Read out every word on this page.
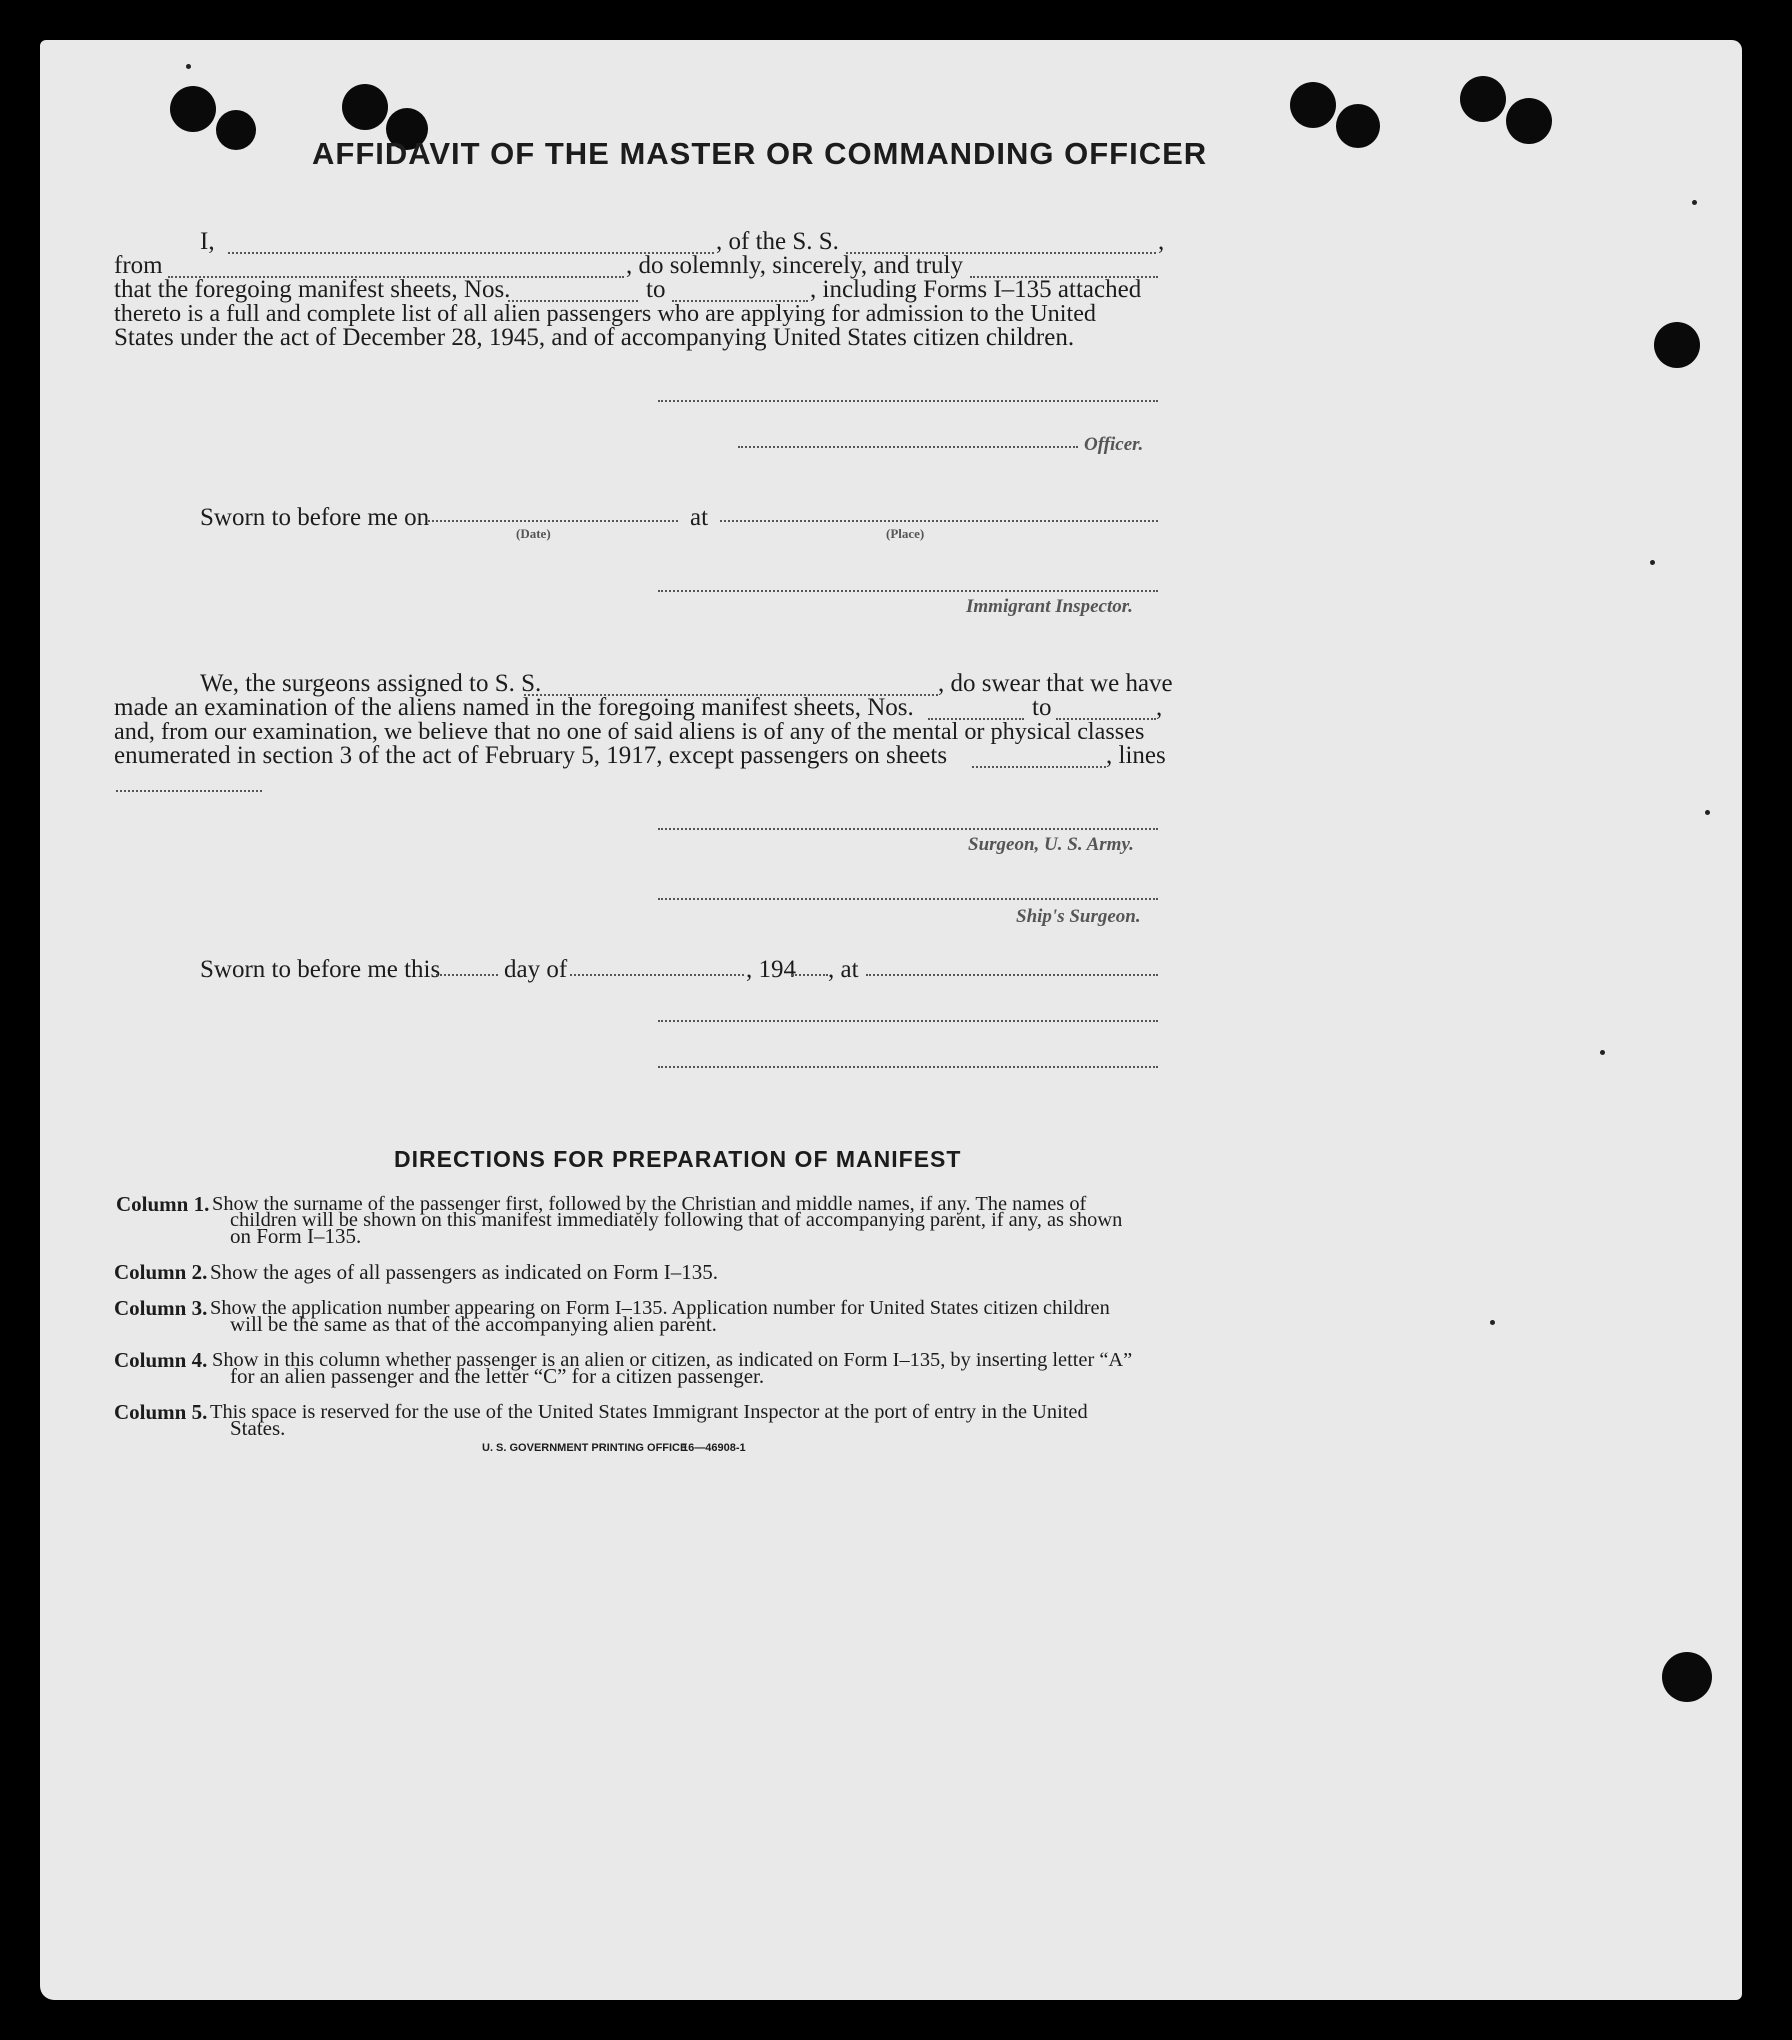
AFFIDAVIT OF THE MASTER OR COMMANDING OFFICER
I,	, of the S. S.	,
from	, do solemnly, sincerely, and truly
that the foregoing manifest sheets, Nos.	to	, including Forms I–135 attached
thereto is a full and complete list of all alien passengers who are applying for admission to the United
States under the act of December 28, 1945, and of accompanying United States citizen children.
Officer.
Sworn to before me on
(Date)
at
(Place)
Immigrant Inspector.
We, the surgeons assigned to S. S.	, do swear that we have
made an examination of the aliens named in the foregoing manifest sheets, Nos.	to	,
and, from our examination, we believe that no one of said aliens is of any of the mental or physical classes
enumerated in section 3 of the act of February 5, 1917, except passengers on sheets	, lines
Surgeon, U. S. Army.
Ship's Surgeon.
Sworn to before me this	day of	, 194 , at
DIRECTIONS FOR PREPARATION OF MANIFEST
Column 1. Show the surname of the passenger first, followed by the Christian and middle names, if any. The names of
children will be shown on this manifest immediately following that of accompanying parent, if any, as shown
on Form I–135.
Column 2. Show the ages of all passengers as indicated on Form I–135.
Column 3. Show the application number appearing on Form I–135. Application number for United States citizen children
will be the same as that of the accompanying alien parent.
Column 4. Show in this column whether passenger is an alien or citizen, as indicated on Form I–135, by inserting letter “A”
for an alien passenger and the letter “C” for a citizen passenger.
Column 5. This space is reserved for the use of the United States Immigrant Inspector at the port of entry in the United
States.
U. S. GOVERNMENT PRINTING OFFICE
16—46908-1
